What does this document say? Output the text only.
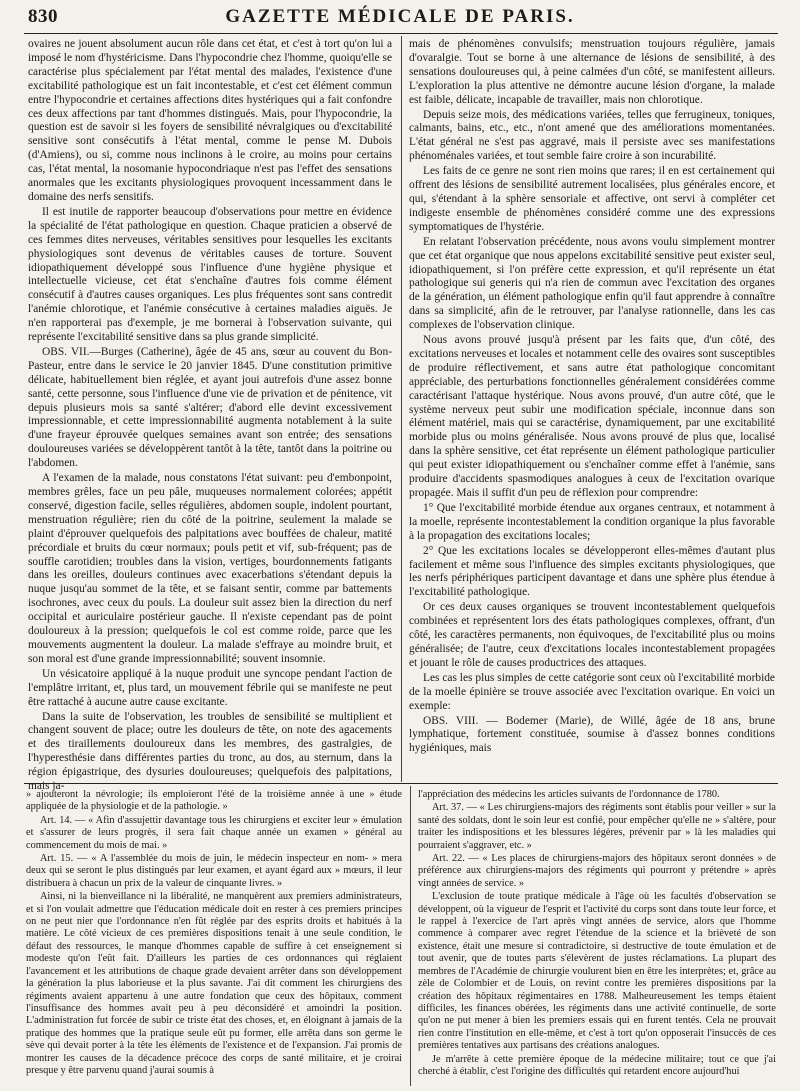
830	GAZETTE MÉDICALE DE PARIS.

ovaires ne jouent absolument aucun rôle dans cet état, et c'est à tort qu'on lui a imposé le nom d'hystéricisme. Dans l'hypocondrie chez l'homme, quoiqu'elle se caractérise plus spécialement par l'état mental des malades, l'existence d'une excitabilité pathologique est un fait incontestable, et c'est cet élément commun entre l'hypocondrie et certaines affections dites hystériques qui a fait confondre ces deux affections par tant d'hommes distingués. Mais, pour l'hypocondrie, la question est de savoir si les foyers de sensibilité névralgiques ou d'excitabilité sensitive sont consécutifs à l'état mental, comme le pense M. Dubois (d'Amiens), ou si, comme nous inclinons à le croire, au moins pour certains cas, l'état mental, la nosomanie hypocondriaque n'est pas l'effet des sensations anormales que les excitants physiologiques provoquent incessamment dans le domaine des nerfs sensitifs.

Il est inutile de rapporter beaucoup d'observations pour mettre en évidence la spécialité de l'état pathologique en question. Chaque praticien a observé de ces femmes dites nerveuses, véritables sensitives pour lesquelles les excitants physiologiques sont devenus de véritables causes de torture. Souvent idiopathiquement développé sous l'influence d'une hygiène physique et intellectuelle vicieuse, cet état s'enchaîne d'autres fois comme élément consécutif à d'autres causes organiques. Les plus fréquentes sont sans contredit l'anémie chlorotique, et l'anémie consécutive à certaines maladies aiguës. Je n'en rapporterai pas d'exemple, je me bornerai à l'observation suivante, qui représente l'excitabilité sensitive dans sa plus grande simplicité.

OBS. VII.—Burges (Catherine), âgée de 45 ans, sœur au couvent du Bon-Pasteur, entre dans le service le 20 janvier 1845. D'une constitution primitive délicate, habituellement bien réglée, et ayant joui autrefois d'une assez bonne santé, cette personne, sous l'influence d'une vie de privation et de pénitence, vit depuis plusieurs mois sa santé s'altérer; d'abord elle devint excessivement impressionnable, et cette impressionnabilité augmenta notablement à la suite d'une frayeur éprouvée quelques semaines avant son entrée; des sensations douloureuses variées se développèrent tantôt à la tête, tantôt dans la poitrine ou l'abdomen.

A l'examen de la malade, nous constatons l'état suivant: peu d'embonpoint, membres grêles, face un peu pâle, muqueuses normalement colorées; appétit conservé, digestion facile, selles régulières, abdomen souple, indolent pourtant, menstruation régulière; rien du côté de la poitrine, seulement la malade se plaint d'éprouver quelquefois des palpitations avec bouffées de chaleur, matité précordiale et bruits du cœur normaux; pouls petit et vif, sub-fréquent; pas de souffle carotidien; troubles dans la vision, vertiges, bourdonnements fatigants dans les oreilles, douleurs continues avec exacerbations s'étendant depuis la nuque jusqu'au sommet de la tête, et se faisant sentir, comme par battements isochrones, avec ceux du pouls. La douleur suit assez bien la direction du nerf occipital et auriculaire postérieur gauche. Il n'existe cependant pas de point douloureux à la pression; quelquefois le col est comme roide, parce que les mouvements augmentent la douleur. La malade s'effraye au moindre bruit, et son moral est d'une grande impressionnabilité; souvent insomnie.

Un vésicatoire appliqué à la nuque produit une syncope pendant l'action de l'emplâtre irritant, et, plus tard, un mouvement fébrile qui se manifeste ne peut être rattaché à aucune autre cause excitante.

Dans la suite de l'observation, les troubles de sensibilité se multiplient et changent souvent de place; outre les douleurs de tête, on note des agacements et des tiraillements douloureux dans les membres, des gastralgies, de l'hyperesthésie dans différentes parties du tronc, au dos, au sternum, dans la région épigastrique, des dysuries douloureuses; quelquefois des palpitations, mais ja-

mais de phénomènes convulsifs; menstruation toujours régulière, jamais d'ovaralgie. Tout se borne à une alternance de lésions de sensibilité, à des sensations douloureuses qui, à peine calmées d'un côté, se manifestent ailleurs. L'exploration la plus attentive ne démontre aucune lésion d'organe, la malade est faible, délicate, incapable de travailler, mais non chlorotique.

Depuis seize mois, des médications variées, telles que ferrugineux, toniques, calmants, bains, etc., etc., n'ont amené que des améliorations momentanées. L'état général ne s'est pas aggravé, mais il persiste avec ses manifestations phénoménales variées, et tout semble faire croire à son incurabilité.

Les faits de ce genre ne sont rien moins que rares; il en est certainement qui offrent des lésions de sensibilité autrement localisées, plus générales encore, et qui, s'étendant à la sphère sensoriale et affective, ont servi à compléter cet indigeste ensemble de phénomènes considéré comme une des expressions symptomatiques de l'hystérie.

En relatant l'observation précédente, nous avons voulu simplement montrer que cet état organique que nous appelons excitabilité sensitive peut exister seul, idiopathiquement, si l'on préfère cette expression, et qu'il représente un état pathologique sui generis qui n'a rien de commun avec l'excitation des organes de la génération, un élément pathologique enfin qu'il faut apprendre à connaître dans sa simplicité, afin de le retrouver, par l'analyse rationnelle, dans les cas complexes de l'observation clinique.

Nous avons prouvé jusqu'à présent par les faits que, d'un côté, des excitations nerveuses et locales et notamment celle des ovaires sont susceptibles de produire réflectivement, et sans autre état pathologique concomitant appréciable, des perturbations fonctionnelles généralement considérées comme caractérisant l'attaque hystérique. Nous avons prouvé, d'un autre côté, que le système nerveux peut subir une modification spéciale, inconnue dans son élément matériel, mais qui se caractérise, dynamiquement, par une excitabilité morbide plus ou moins généralisée. Nous avons prouvé de plus que, localisé dans la sphère sensitive, cet état représente un élément pathologique particulier qui peut exister idiopathiquement ou s'enchaîner comme effet à l'anémie, sans produire d'accidents spasmodiques analogues à ceux de l'excitation ovarique propagée. Mais il suffit d'un peu de réflexion pour comprendre:

1° Que l'excitabilité morbide étendue aux organes centraux, et notamment à la moelle, représente incontestablement la condition organique la plus favorable à la propagation des excitations locales;

2° Que les excitations locales se développeront elles-mêmes d'autant plus facilement et même sous l'influence des simples excitants physiologiques, que les nerfs périphériques participent davantage et dans une sphère plus étendue à l'excitabilité pathologique.

Or ces deux causes organiques se trouvent incontestablement quelquefois combinées et représentent lors des états pathologiques complexes, offrant, d'un côté, les caractères permanents, non équivoques, de l'excitabilité plus ou moins généralisée; de l'autre, ceux d'excitations locales incontestablement propagées et jouant le rôle de causes productrices des attaques.

Les cas les plus simples de cette catégorie sont ceux où l'excitabilité morbide de la moelle épinière se trouve associée avec l'excitation ovarique. En voici un exemple:

OBS. VIII. — Bodemer (Marie), de Willé, âgée de 18 ans, brune lymphatique, fortement constituée, soumise à d'assez bonnes conditions hygiéniques, mais

» ajouteront la névrologie; ils emploieront l'été de la troisième année à une » étude appliquée de la physiologie et de la pathologie. »

Art. 14. — « Afin d'assujettir davantage tous les chirurgiens et exciter leur » émulation et s'assurer de leurs progrès, il sera fait chaque année un examen » général au commencement du mois de mai. »

Art. 15. — « A l'assemblée du mois de juin, le médecin inspecteur en nom- » mera deux qui se seront le plus distingués par leur examen, et ayant égard aux » mœurs, il leur distribuera à chacun un prix de la valeur de cinquante livres. »

Ainsi, ni la bienveillance ni la libéralité, ne manquèrent aux premiers administrateurs, et si l'on voulait admettre que l'éducation médicale doit en rester à ces premiers principes on ne peut nier que l'ordonnance n'en fût réglée par des esprits droits et habitués à la matière. Le côté vicieux de ces premières dispositions tenait à une seule condition, le défaut des ressources, le manque d'hommes capable de suffire à cet enseignement si modeste qu'on l'eût fait. D'ailleurs les parties de ces ordonnances qui réglaient l'avancement et les attributions de chaque grade devaient arrêter dans son développement la génération la plus laborieuse et la plus savante. J'ai dit comment les chirurgiens des régiments avaient appartenu à une autre fondation que ceux des hôpitaux, comment l'insuffisance des hommes avait peu à peu déconsidéré et amoindri la position. L'administration fut forcée de subir ce triste état des choses, et, en éloignant à jamais de la pratique des hommes que la pratique seule eût pu former, elle arrêta dans son germe le sève qui devait porter à la tête les éléments de l'existence et de l'expansion. J'ai promis de montrer les causes de la décadence précoce des corps de santé militaire, et je croirai presque y être parvenu quand j'aurai soumis à

l'appréciation des médecins les articles suivants de l'ordonnance de 1780.

Art. 37. — « Les chirurgiens-majors des régiments sont établis pour veiller » sur la santé des soldats, dont le soin leur est confié, pour empêcher qu'elle ne » s'altère, pour traiter les indispositions et les blessures légères, prévenir par » là les maladies qui pourraient s'aggraver, etc. »

Art. 22. — « Les places de chirurgiens-majors des hôpitaux seront données » de préférence aux chirurgiens-majors des régiments qui pourront y prétendre » après vingt années de service. »

L'exclusion de toute pratique médicale à l'âge où les facultés d'observation se développent, où la vigueur de l'esprit et l'activité du corps sont dans toute leur force, et le rappel à l'exercice de l'art après vingt années de service, alors que l'homme commence à comparer avec regret l'étendue de la science et la brièveté de son existence, était une mesure si contradictoire, si destructive de toute émulation et de tout avenir, que de toutes parts s'élevèrent de justes réclamations. La plupart des membres de l'Académie de chirurgie voulurent bien en être les interprètes; et, grâce au zèle de Colombier et de Louis, on revint contre les premières dispositions par la création des hôpitaux régimentaires en 1788. Malheureusement les temps étaient difficiles, les finances obérées, les régiments dans une activité continuelle, de sorte qu'on ne put mener à bien les premiers essais qui en furent tentés. Cela ne prouvait rien contre l'institution en elle-même, et c'est à tort qu'on opposerait l'insuccès de ces premières tentatives aux partisans des créations analogues.

Je m'arrête à cette première époque de la médecine militaire; tout ce que j'ai cherché à établir, c'est l'origine des difficultés qui retardent encore aujourd'hui
